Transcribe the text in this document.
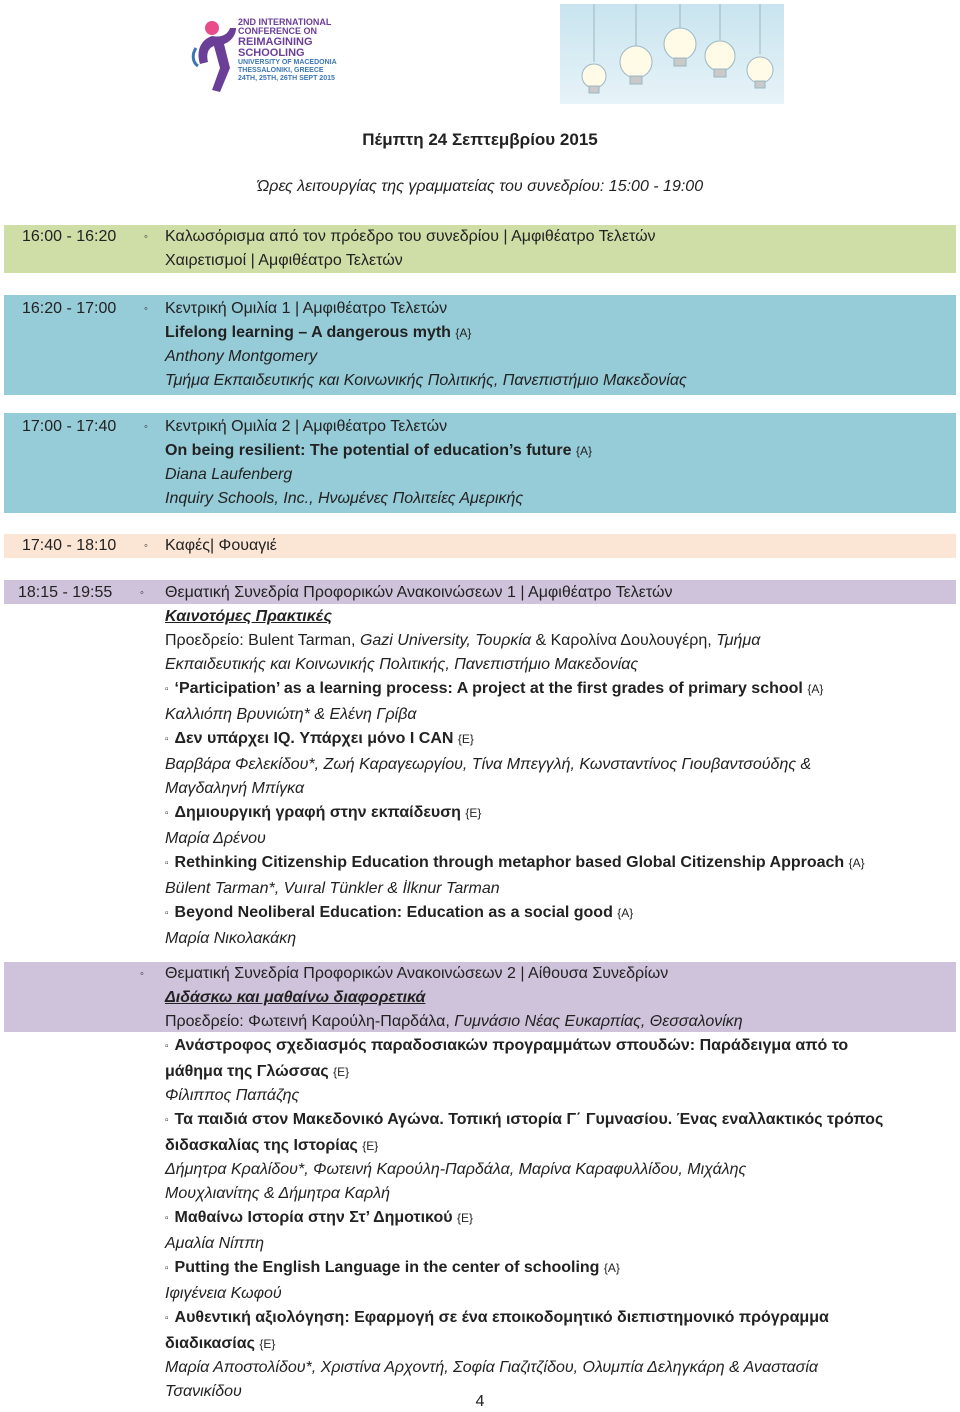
2ND INTERNATIONAL
CONFERENCE ON
REIMAGINING
SCHOOLING
UNIVERSITY OF MACEDONIA
THESSALONIKI, GREECE
24TH, 25TH, 26TH SEPT 2015
Πέμπτη 24 Σεπτεμβρίου 2015
Ώρες λειτουργίας της γραμματείας του συνεδρίου: 15:00 - 19:00
16:00 - 16:20	◦ Καλωσόρισμα από τον πρόεδρο του συνεδρίου | Αμφιθέατρο Τελετών
Χαιρετισμοί | Αμφιθέατρο Τελετών
16:20 - 17:00	◦ Κεντρική Ομιλία 1 | Αμφιθέατρο Τελετών
Lifelong learning – A dangerous myth {A}
Anthony Montgomery
Τμήμα Εκπαιδευτικής και Κοινωνικής Πολιτικής, Πανεπιστήμιο Μακεδονίας
17:00 - 17:40	◦ Κεντρική Ομιλία 2 | Αμφιθέατρο Τελετών
On being resilient: The potential of education’s future {A}
Diana Laufenberg
Inquiry Schools, Inc., Ηνωμένες Πολιτείες Αμερικής
17:40 - 18:10	◦ Καφές| Φουαγιέ
18:15 - 19:55	◦ Θεματική Συνεδρία Προφορικών Ανακοινώσεων 1 | Αμφιθέατρο Τελετών
Καινοτόμες Πρακτικές
Προεδρείο: Bulent Tarman, Gazi University, Τουρκία & Καρολίνα Δουλουγέρη, Τμήμα
Εκπαιδευτικής και Κοινωνικής Πολιτικής, Πανεπιστήμιο Μακεδονίας
▫ ‘Participation’ as a learning process: A project at the first grades of primary school {A}
Καλλιόπη Βρυνιώτη* & Ελένη Γρίβα
▫ Δεν υπάρχει IQ. Υπάρχει μόνο I CAN {E}
Βαρβάρα Φελεκίδου*, Ζωή Καραγεωργίου, Τίνα Μπεγγλή, Κωνσταντίνος Γιουβαντσούδης &
Μαγδαληνή Μπίγκα
▫ Δημιουργική γραφή στην εκπαίδευση {E}
Μαρία Δρένου
▫ Rethinking Citizenship Education through metaphor based Global Citizenship Approach {A}
Bülent Tarman*, Vuıral Tünkler & İlknur Tarman
▫ Beyond Neoliberal Education: Education as a social good {A}
Μαρία Νικολακάκη
◦ Θεματική Συνεδρία Προφορικών Ανακοινώσεων 2 | Αίθουσα Συνεδρίων
Διδάσκω και μαθαίνω διαφορετικά
Προεδρείο: Φωτεινή Καρούλη-Παρδάλα, Γυμνάσιο Νέας Ευκαρπίας, Θεσσαλονίκη
▫ Ανάστροφος σχεδιασμός παραδοσιακών προγραμμάτων σπουδών: Παράδειγμα από το
μάθημα της Γλώσσας {E}
Φίλιππος Παπάζης
▫ Τα παιδιά στον Μακεδονικό Αγώνα. Τοπική ιστορία Γ΄ Γυμνασίου. Ένας εναλλακτικός τρόπος
διδασκαλίας της Ιστορίας {E}
Δήμητρα Κραλίδου*, Φωτεινή Καρούλη-Παρδάλα, Μαρίνα Καραφυλλίδου, Μιχάλης
Μουχλιανίτης & Δήμητρα Καρλή
▫ Μαθαίνω Ιστορία στην Στ’ Δημοτικού {E}
Αμαλία Νίππη
▫ Putting the English Language in the center of schooling {A}
Ιφιγένεια Κωφού
▫ Αυθεντική αξιολόγηση: Εφαρμογή σε ένα εποικοδομητικό διεπιστημονικό πρόγραμμα
διαδικασίας {E}
Μαρία Αποστολίδου*, Χριστίνα Αρχοντή, Σοφία Γιαζιτζίδου, Ολυμπία Δεληγκάρη & Αναστασία
Τσανικίδου
4
